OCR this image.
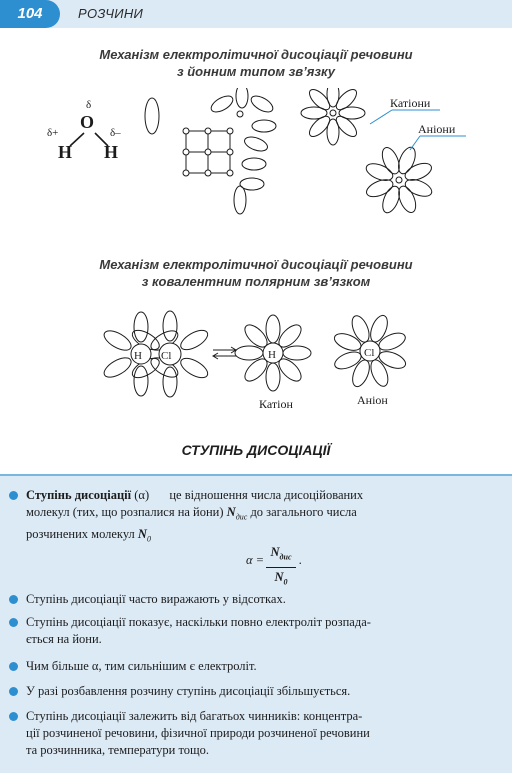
104	РОЗЧИНИ
Механізм електролітичної дисоціації речовини
з йонним типом зв’язку
δ
O
δ+	δ–
H H
Катіони
Аніони
Механізм електролітичної дисоціації речовини
з ковалентним полярним зв’язком
H Cl	H	Cl
Катіон	Аніон
СТУПІНЬ ДИСОЦІАЦІЇ
Ступінь дисоціації (α) це відношення числа дисоційованих
молекул (тих, що розпалися на йони) $N_{дис}$ до загального числа
розчинених молекул $N_0$
α =
$N_{дис}$
$N_0$
.
Ступінь дисоціації часто виражають у відсотках.
Ступінь дисоціації показує, наскільки повно електроліт розпада-
ється на йони.
Чим більше α, тим сильнішим є електроліт.
У разі розбавлення розчину ступінь дисоціації збільшується.
Ступінь дисоціації залежить від багатьох чинників: концентра-
ції розчиненої речовини, фізичної природи розчиненої речовини
та розчинника, температури тощо.
